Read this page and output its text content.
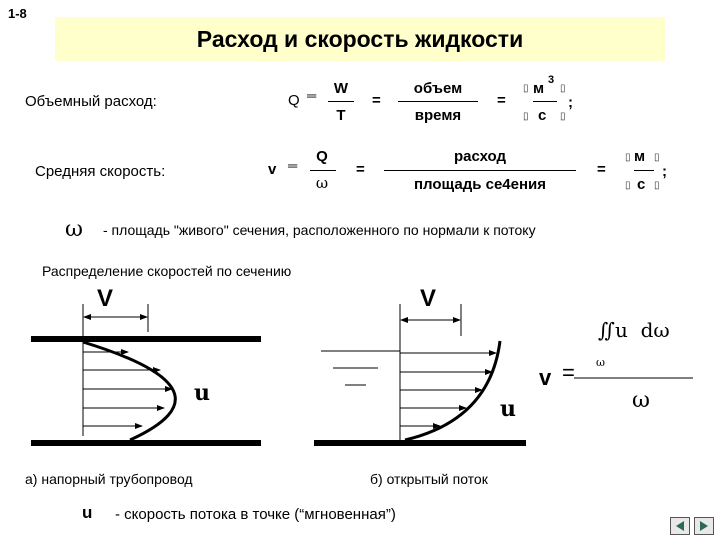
1-8
Расход и скорость жидкости
Объемный расход:	Q ═ W
T
=
объем
время
=
▯ м 3
▯
▯ с ▯
;
Средняя скорость:	v ═
Q
ω
=
расход
площадь се4ения
=
▯ м ▯
▯ с ▯
;
ω - площадь "живого" сечения, расположенного по нормали к потоку
Распределение скоростей по сечению
V
u
а) напорный трубопровод
V
u
б) открытый поток
v =
∬u  dω
ω
ω
u - скорость потока в точке (“мгновенная”)
